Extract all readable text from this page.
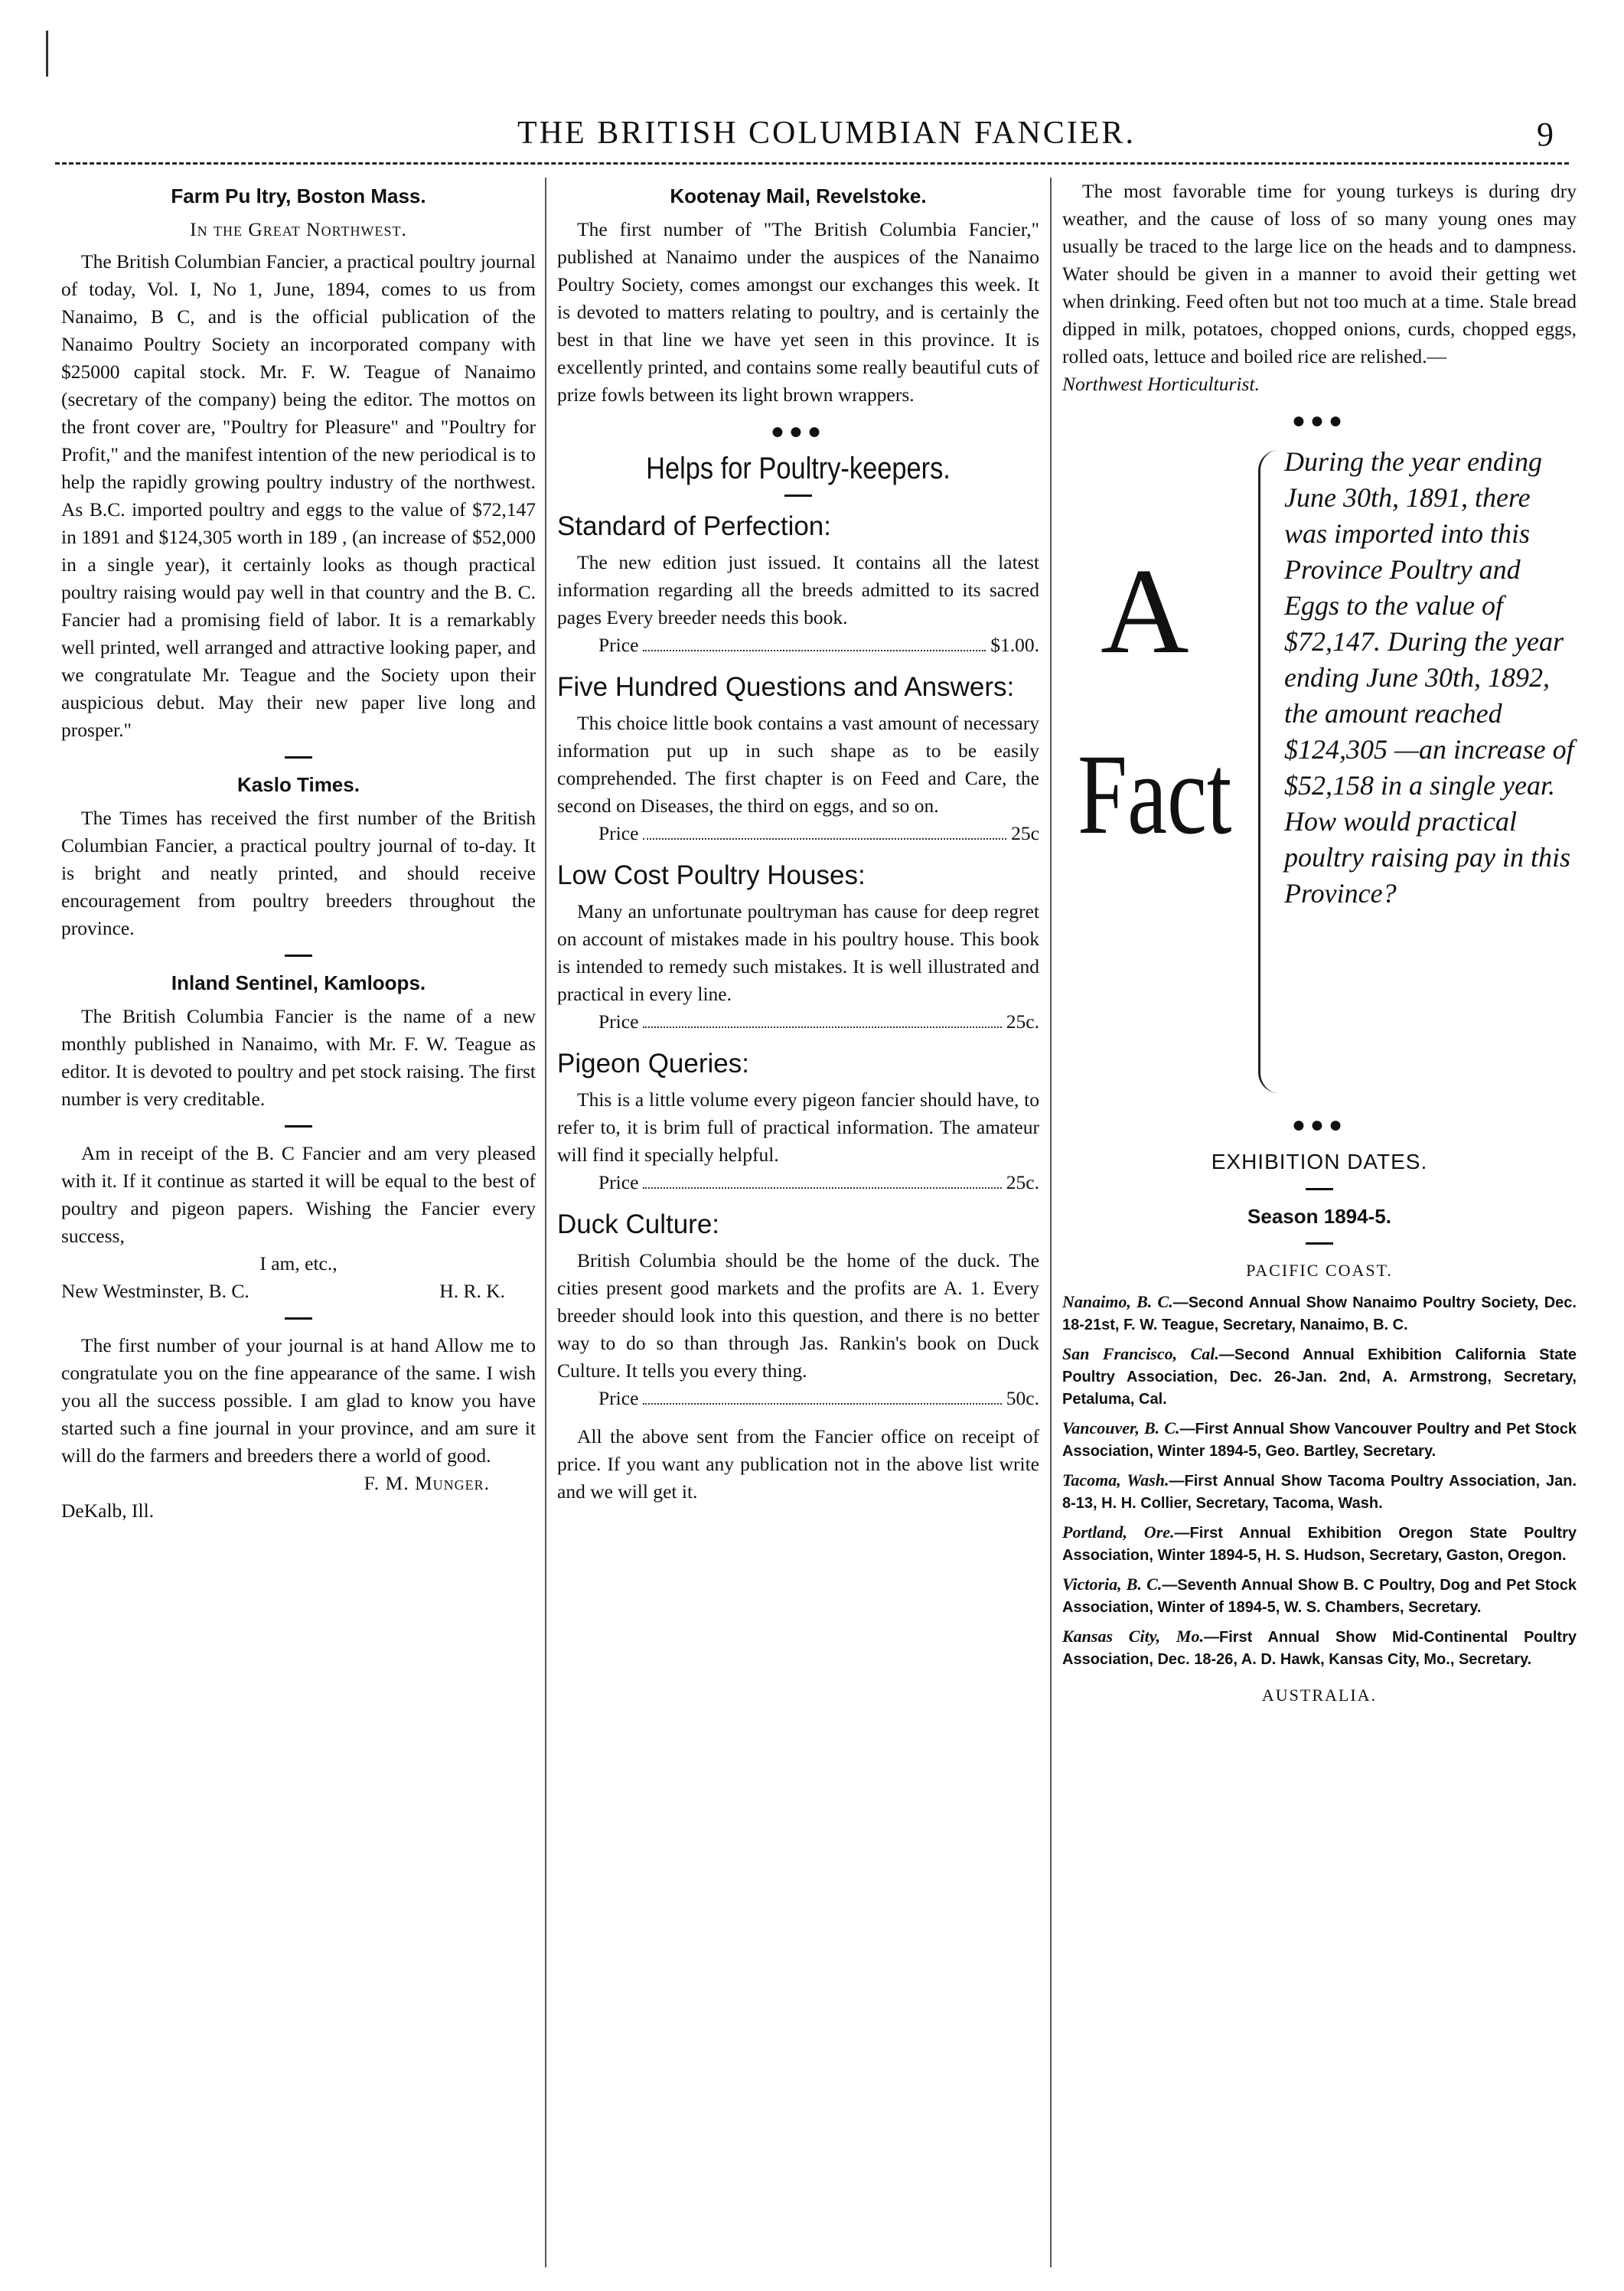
THE BRITISH COLUMBIAN FANCIER.	9
Farm Pu ltry, Boston Mass.
In the Great Northwest.

The British Columbian Fancier, a practical poultry journal of today, Vol. I, No 1, June, 1894, comes to us from Nanaimo, B C, and is the official publication of the Nanaimo Poultry Society an incorporated company with $25000 capital stock. Mr. F. W. Teague of Nanaimo (secretary of the company) being the editor. The mottos on the front cover are, "Poultry for Pleasure" and "Poultry for Profit," and the manifest intention of the new periodical is to help the rapidly growing poultry industry of the northwest. As B.C. imported poultry and eggs to the value of $72,147 in 1891 and $124,305 worth in 189 , (an increase of $52,000 in a single year), it certainly looks as though practical poultry raising would pay well in that country and the B. C. Fancier had a promising field of labor. It is a remarkably well printed, well arranged and attractive looking paper, and we congratulate Mr. Teague and the Society upon their auspicious debut. May their new paper live long and prosper."

Kaslo Times.

The Times has received the first number of the British Columbian Fancier, a practical poultry journal of to-day. It is bright and neatly printed, and should receive encouragement from poultry breeders throughout the province.

Inland Sentinel, Kamloops.

The British Columbia Fancier is the name of a new monthly published in Nanaimo, with Mr. F. W. Teague as editor. It is devoted to poultry and pet stock raising. The first number is very creditable.

Am in receipt of the B. C Fancier and am very pleased with it. If it continue as started it will be equal to the best of poultry and pigeon papers. Wishing the Fancier every success,

I am, etc.,
New Westminster, B. C.	H. R. K.

The first number of your journal is at hand Allow me to congratulate you on the fine appearance of the same. I wish you all the success possible. I am glad to know you have started such a fine journal in your province, and am sure it will do the farmers and breeders there a world of good.

F. M. Munger.
DeKalb, Ill.
Kootenay Mail, Revelstoke.

The first number of "The British Columbia Fancier," published at Nanaimo under the auspices of the Nanaimo Poultry Society, comes amongst our exchanges this week. It is devoted to matters relating to poultry, and is certainly the best in that line we have yet seen in this province. It is excellently printed, and contains some really beautiful cuts of prize fowls between its light brown wrappers.

●●●
Helps for Poultry-keepers.
Standard of Perfection:

The new edition just issued. It contains all the latest information regarding all the breeds admitted to its sacred pages Every breeder needs this book.

Price	$1.00.
Five Hundred Questions and Answers:

This choice little book contains a vast amount of necessary information put up in such shape as to be easily comprehended. The first chapter is on Feed and Care, the second on Diseases, the third on eggs, and so on.

Price	25c
Low Cost Poultry Houses:

Many an unfortunate poultryman has cause for deep regret on account of mistakes made in his poultry house. This book is intended to remedy such mistakes. It is well illustrated and practical in every line.

Price	25c.
Pigeon Queries:

This is a little volume every pigeon fancier should have, to refer to, it is brim full of practical information. The amateur will find it specially helpful.

Price	25c.
Duck Culture:

British Columbia should be the home of the duck. The cities present good markets and the profits are A. 1. Every breeder should look into this question, and there is no better way to do so than through Jas. Rankin's book on Duck Culture. It tells you every thing.

Price	50c.

All the above sent from the Fancier office on receipt of price. If you want any publication not in the above list write and we will get it.

The most favorable time for young turkeys is during dry weather, and the cause of loss of so many young ones may usually be traced to the large lice on the heads and to dampness. Water should be given in a manner to avoid their getting wet when drinking. Feed often but not too much at a time. Stale bread dipped in milk, potatoes, chopped onions, curds, chopped eggs, rolled oats, lettuce and boiled rice are relished.—

Northwest Horticulturist.
●●●
A
Fact
During the year ending June 30th, 1891, there was imported into this Province Poultry and Eggs to the value of $72,147. During the year ending June 30th, 1892, the amount reached $124,305 —an increase of $52,158 in a single year. How would practical poultry raising pay in this Province?
●●●
EXHIBITION DATES.
Season 1894-5.
PACIFIC COAST.
Nanaimo, B. C.—Second Annual Show Nanaimo Poultry Society, Dec. 18-21st, F. W. Teague, Secretary, Nanaimo, B. C.
San Francisco, Cal.—Second Annual Exhibition California State Poultry Association, Dec. 26-Jan. 2nd, A. Armstrong, Secretary, Petaluma, Cal.
Vancouver, B. C.—First Annual Show Vancouver Poultry and Pet Stock Association, Winter 1894-5, Geo. Bartley, Secretary.
Tacoma, Wash.—First Annual Show Tacoma Poultry Association, Jan. 8-13, H. H. Collier, Secretary, Tacoma, Wash.
Portland, Ore.—First Annual Exhibition Oregon State Poultry Association, Winter 1894-5, H. S. Hudson, Secretary, Gaston, Oregon.
Victoria, B. C.—Seventh Annual Show B. C Poultry, Dog and Pet Stock Association, Winter of 1894-5, W. S. Chambers, Secretary.
Kansas City, Mo.—First Annual Show Mid-Continental Poultry Association, Dec. 18-26, A. D. Hawk, Kansas City, Mo., Secretary.
AUSTRALIA.
